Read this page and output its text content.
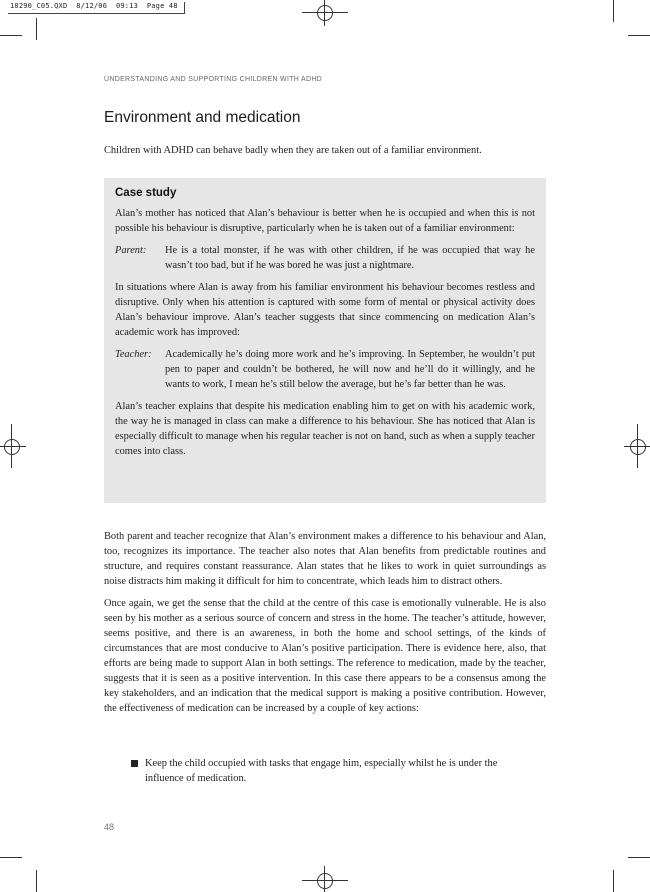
10290_C05.QXD  8/12/06  09:13  Page 48
UNDERSTANDING AND SUPPORTING CHILDREN WITH ADHD
Environment and medication

Children with ADHD can behave badly when they are taken out of a familiar environment.

Case study

Alan’s mother has noticed that Alan’s behaviour is better when he is occupied and when this is not possible his behaviour is disruptive, particularly when he is taken out of a familiar environment:

Parent:	He is a total monster, if he was with other children, if he was occupied that way he wasn’t too bad, but if he was bored he was just a nightmare.

In situations where Alan is away from his familiar environment his behaviour becomes restless and disruptive. Only when his attention is captured with some form of mental or physical activity does Alan’s behaviour improve. Alan’s teacher suggests that since commencing on medication Alan’s academic work has improved:

Teacher:	Academically he’s doing more work and he’s improving. In September, he wouldn’t put pen to paper and couldn’t be bothered, he will now and he’ll do it willingly, and he wants to work, I mean he’s still below the average, but he’s far better than he was.

Alan’s teacher explains that despite his medication enabling him to get on with his academic work, the way he is managed in class can make a difference to his behaviour. She has noticed that Alan is especially difficult to manage when his regular teacher is not on hand, such as when a supply teacher comes into class.

Both parent and teacher recognize that Alan’s environment makes a difference to his behaviour and Alan, too, recognizes its importance. The teacher also notes that Alan benefits from predictable routines and structure, and requires constant reassurance. Alan states that he likes to work in quiet surroundings as noise distracts him making it difficult for him to concentrate, which leads him to distract others.

Once again, we get the sense that the child at the centre of this case is emotionally vulnerable. He is also seen by his mother as a serious source of concern and stress in the home. The teacher’s attitude, however, seems positive, and there is an awareness, in both the home and school settings, of the kinds of circumstances that are most conducive to Alan’s positive participation. There is evidence here, also, that efforts are being made to support Alan in both settings. The reference to medication, made by the teacher, suggests that it is seen as a positive intervention. In this case there appears to be a consensus among the key stakeholders, and an indication that the medical support is making a positive contribution. However, the effectiveness of medication can be increased by a couple of key actions:

Keep the child occupied with tasks that engage him, especially whilst he is under the influence of medication.
48
